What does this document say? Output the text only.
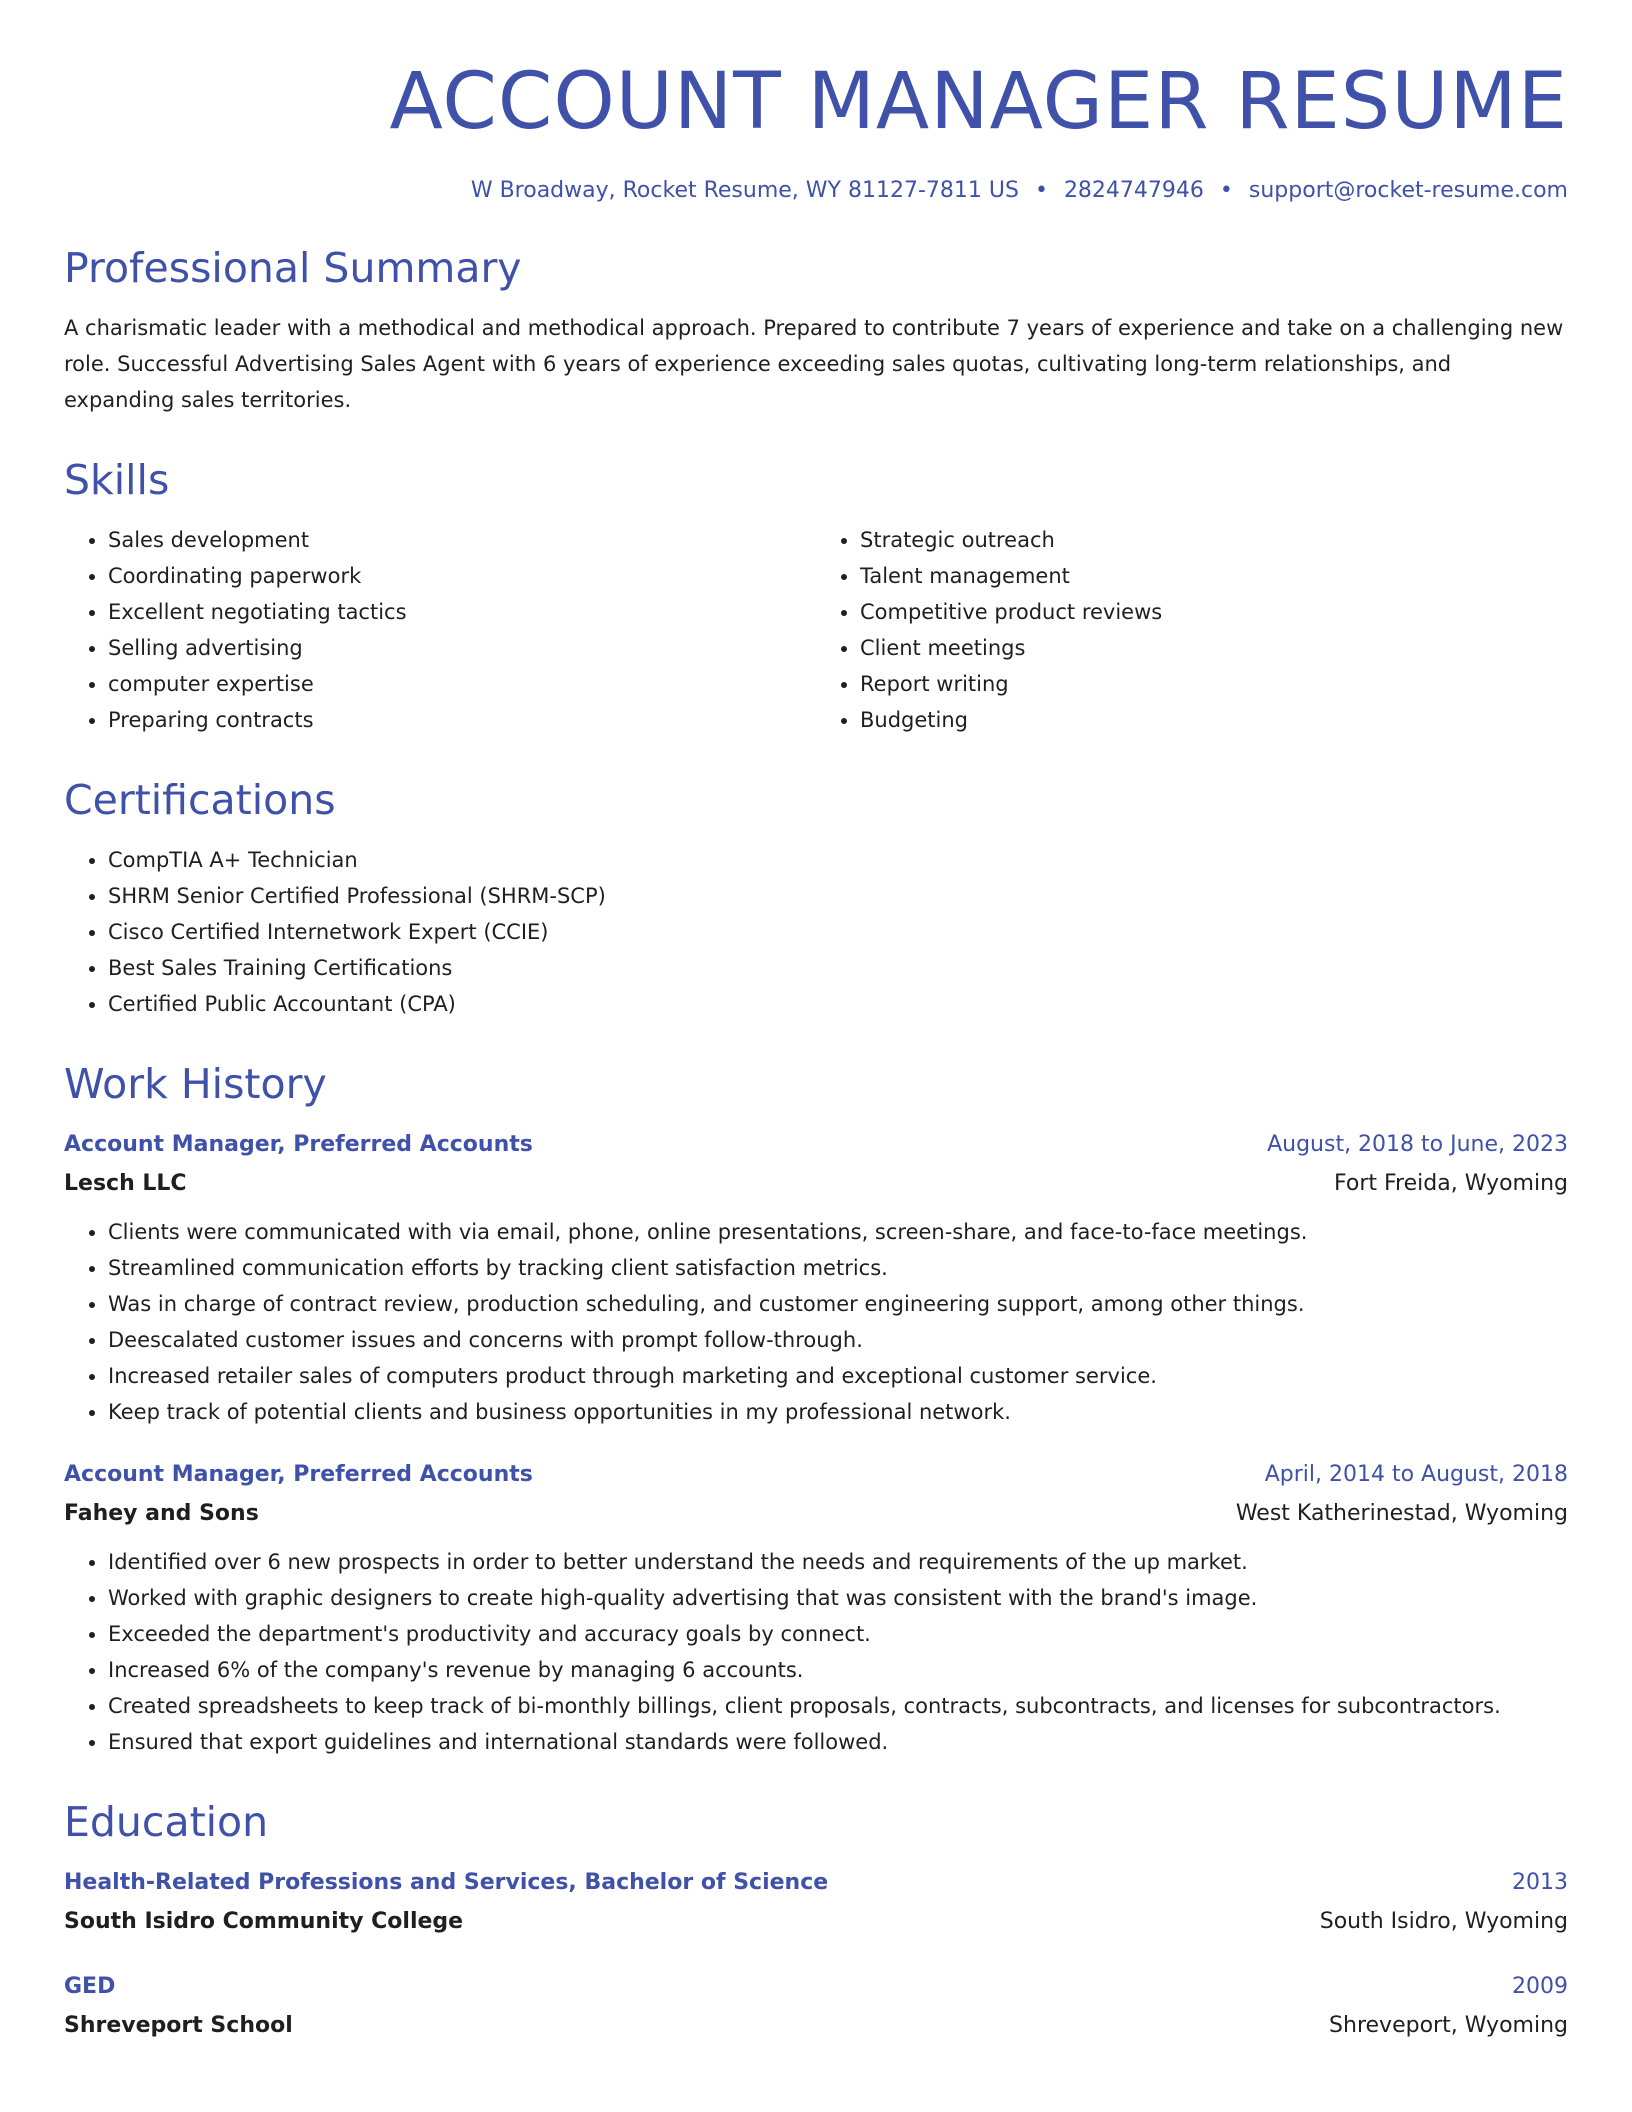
ACCOUNT MANAGER RESUME
W Broadway, Rocket Resume, WY 81127-7811 US • 2824747946 • support@rocket-resume.com
Professional Summary

A charismatic leader with a methodical and methodical approach. Prepared to contribute 7 years of experience and take on a challenging new role. Successful Advertising Sales Agent with 6 years of experience exceeding sales quotas, cultivating long-term relationships, and expanding sales territories.

Skills
• Sales development
• Coordinating paperwork
• Excellent negotiating tactics
• Selling advertising
• computer expertise
• Preparing contracts
• Strategic outreach
• Talent management
• Competitive product reviews
• Client meetings
• Report writing
• Budgeting
Certifications
• CompTIA A+ Technician
• SHRM Senior Certified Professional (SHRM-SCP)
• Cisco Certified Internetwork Expert (CCIE)
• Best Sales Training Certifications
• Certified Public Accountant (CPA)
Work History
Account Manager, Preferred Accounts	August, 2018 to June, 2023
Lesch LLC	Fort Freida, Wyoming
• Clients were communicated with via email, phone, online presentations, screen-share, and face-to-face meetings.
• Streamlined communication efforts by tracking client satisfaction metrics.
• Was in charge of contract review, production scheduling, and customer engineering support, among other things.
• Deescalated customer issues and concerns with prompt follow-through.
• Increased retailer sales of computers product through marketing and exceptional customer service.
• Keep track of potential clients and business opportunities in my professional network.
Account Manager, Preferred Accounts	April, 2014 to August, 2018
Fahey and Sons	West Katherinestad, Wyoming
• Identified over 6 new prospects in order to better understand the needs and requirements of the up market.
• Worked with graphic designers to create high-quality advertising that was consistent with the brand's image.
• Exceeded the department's productivity and accuracy goals by connect.
• Increased 6% of the company's revenue by managing 6 accounts.
• Created spreadsheets to keep track of bi-monthly billings, client proposals, contracts, subcontracts, and licenses for subcontractors.
• Ensured that export guidelines and international standards were followed.
Education
Health-Related Professions and Services, Bachelor of Science	2013
South Isidro Community College	South Isidro, Wyoming
GED	2009
Shreveport School	Shreveport, Wyoming
